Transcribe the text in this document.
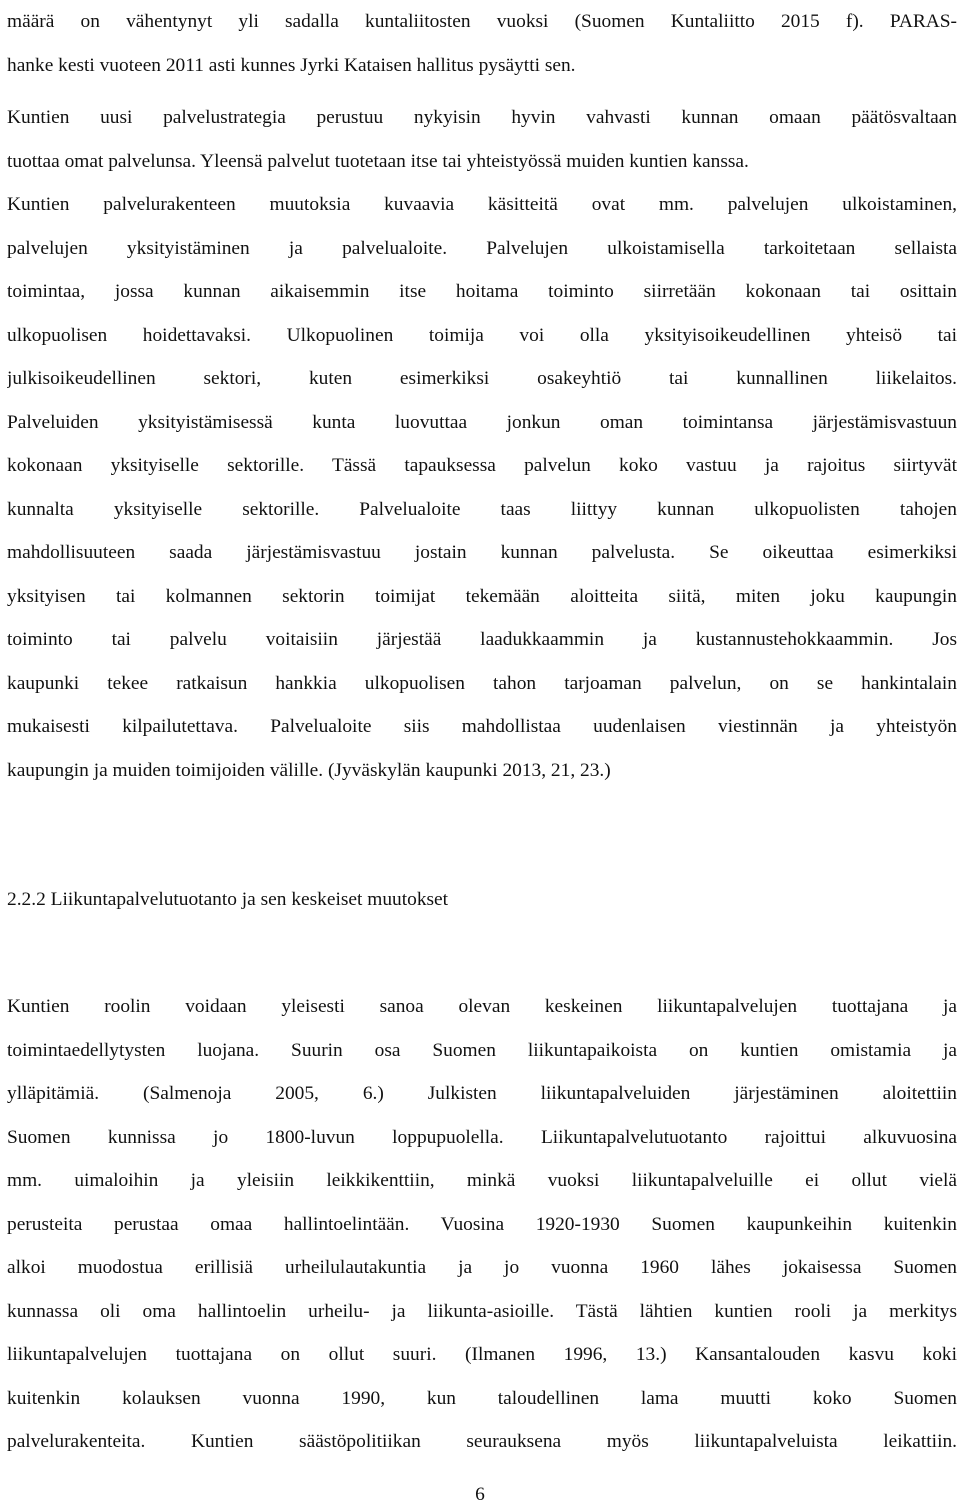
määrä on vähentynyt yli sadalla kuntaliitosten vuoksi (Suomen Kuntaliitto 2015 f). PARAS-
hanke kesti vuoteen 2011 asti kunnes Jyrki Kataisen hallitus pysäytti sen.
Kuntien uusi palvelustrategia perustuu nykyisin hyvin vahvasti kunnan omaan päätösvaltaan
tuottaa omat palvelunsa. Yleensä palvelut tuotetaan itse tai yhteistyössä muiden kuntien kanssa.
Kuntien palvelurakenteen muutoksia kuvaavia käsitteitä ovat mm. palvelujen ulkoistaminen,
palvelujen yksityistäminen ja palvelualoite. Palvelujen ulkoistamisella tarkoitetaan sellaista
toimintaa, jossa kunnan aikaisemmin itse hoitama toiminto siirretään kokonaan tai osittain
ulkopuolisen hoidettavaksi. Ulkopuolinen toimija voi olla yksityisoikeudellinen yhteisö tai
julkisoikeudellinen sektori, kuten esimerkiksi osakeyhtiö tai kunnallinen liikelaitos.
Palveluiden yksityistämisessä kunta luovuttaa jonkun oman toimintansa järjestämisvastuun
kokonaan yksityiselle sektorille. Tässä tapauksessa palvelun koko vastuu ja rajoitus siirtyvät
kunnalta yksityiselle sektorille. Palvelualoite taas liittyy kunnan ulkopuolisten tahojen
mahdollisuuteen saada järjestämisvastuu jostain kunnan palvelusta. Se oikeuttaa esimerkiksi
yksityisen tai kolmannen sektorin toimijat tekemään aloitteita siitä, miten joku kaupungin
toiminto tai palvelu voitaisiin järjestää laadukkaammin ja kustannustehokkaammin. Jos
kaupunki tekee ratkaisun hankkia ulkopuolisen tahon tarjoaman palvelun, on se hankintalain
mukaisesti kilpailutettava. Palvelualoite siis mahdollistaa uudenlaisen viestinnän ja yhteistyön
kaupungin ja muiden toimijoiden välille. (Jyväskylän kaupunki 2013, 21, 23.)
2.2.2 Liikuntapalvelutuotanto ja sen keskeiset muutokset
Kuntien roolin voidaan yleisesti sanoa olevan keskeinen liikuntapalvelujen tuottajana ja
toimintaedellytysten luojana. Suurin osa Suomen liikuntapaikoista on kuntien omistamia ja
ylläpitämiä. (Salmenoja 2005, 6.) Julkisten liikuntapalveluiden järjestäminen aloitettiin
Suomen kunnissa jo 1800-luvun loppupuolella. Liikuntapalvelutuotanto rajoittui alkuvuosina
mm. uimaloihin ja yleisiin leikkikenttiin, minkä vuoksi liikuntapalveluille ei ollut vielä
perusteita perustaa omaa hallintoelintään. Vuosina 1920-1930 Suomen kaupunkeihin kuitenkin
alkoi muodostua erillisiä urheilulautakuntia ja jo vuonna 1960 lähes jokaisessa Suomen
kunnassa oli oma hallintoelin urheilu- ja liikunta-asioille. Tästä lähtien kuntien rooli ja merkitys
liikuntapalvelujen tuottajana on ollut suuri. (Ilmanen 1996, 13.) Kansantalouden kasvu koki
kuitenkin kolauksen vuonna 1990, kun taloudellinen lama muutti koko Suomen
palvelurakenteita. Kuntien säästöpolitiikan seurauksena myös liikuntapalveluista leikattiin.
6
